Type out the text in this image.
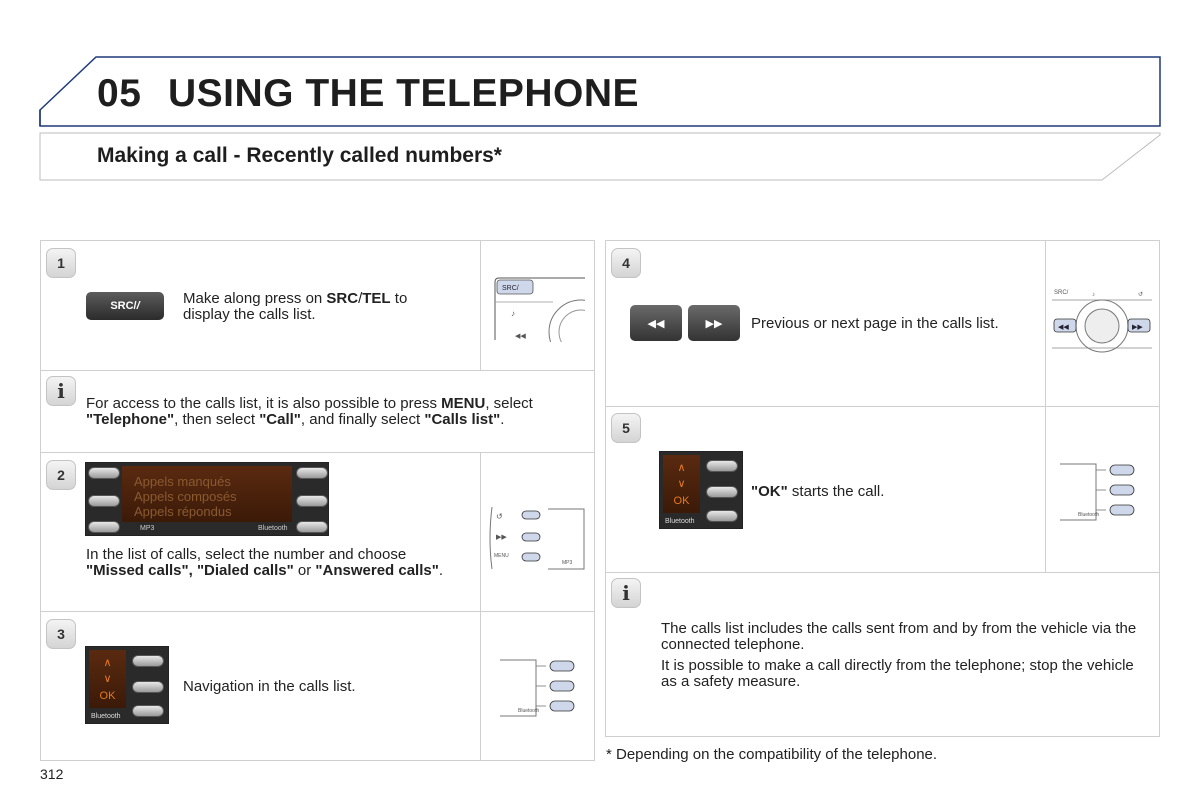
05 USING THE TELEPHONE
Making a call - Recently called numbers*
1
SRC/ /	Make along press on SRC/TEL to display the calls list.
SRC/
♪
◀◀
i
For access to the calls list, it is also possible to press MENU, select "Telephone", then select "Call", and finally select "Calls list".
2	Appels manqués
Appels composés
Appels répondus
MP3	Bluetooth
In the list of calls, select the number and choose "Missed calls", "Dialed calls" or "Answered calls".
↺
▶▶
MENU
MP3
3
∧
∨
OK
Bluetooth
Navigation in the calls list.
Bluetooth
4
◀◀	▶▶ Previous or next page in the calls list.
SRC/
◀◀	▶▶
♪	↺
5
∧
∨
OK
Bluetooth
"OK" starts the call.
Bluetooth
i
The calls list includes the calls sent from and by from the vehicle via the connected telephone.
It is possible to make a call directly from the telephone; stop the vehicle as a safety measure.
* Depending on the compatibility of the telephone.
312
